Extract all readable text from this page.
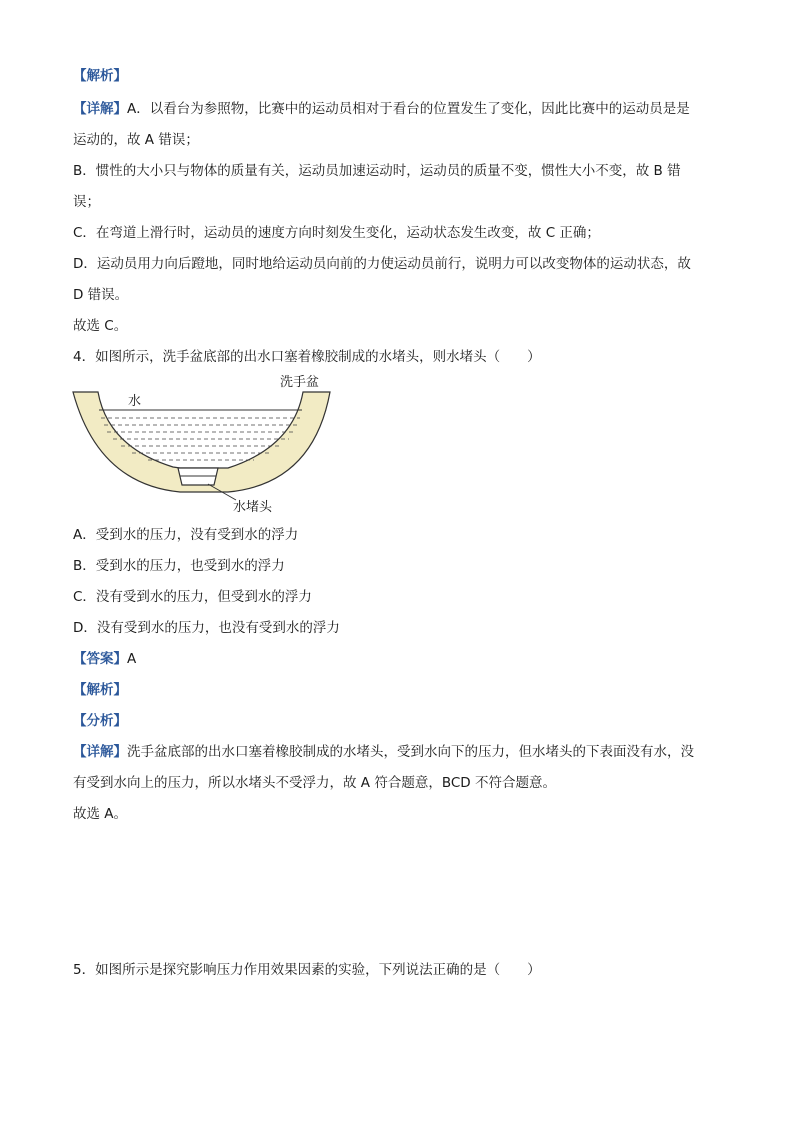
【解析】
【详解】A．以看台为参照物，比赛中的运动员相对于看台的位置发生了变化，因此比赛中的运动员是是
运动的，故 A 错误；
B．惯性的大小只与物体的质量有关，运动员加速运动时，运动员的质量不变，惯性大小不变，故 B 错
误；
C．在弯道上滑行时，运动员的速度方向时刻发生变化，运动状态发生改变，故 C 正确；
D．运动员用力向后蹬地，同时地给运动员向前的力使运动员前行，说明力可以改变物体的运动状态，故
D 错误。
故选 C。
4．如图所示，洗手盆底部的出水口塞着橡胶制成的水堵头，则水堵头（　　）
水
洗手盆
水堵头
A．受到水的压力，没有受到水的浮力
B．受到水的压力，也受到水的浮力
C．没有受到水的压力，但受到水的浮力
D．没有受到水的压力，也没有受到水的浮力
【答案】A
【解析】
【分析】
【详解】洗手盆底部的出水口塞着橡胶制成的水堵头，受到水向下的压力，但水堵头的下表面没有水，没
有受到水向上的压力，所以水堵头不受浮力，故 A 符合题意，BCD 不符合题意。
故选 A。
5．如图所示是探究影响压力作用效果因素的实验，下列说法正确的是（　　）
